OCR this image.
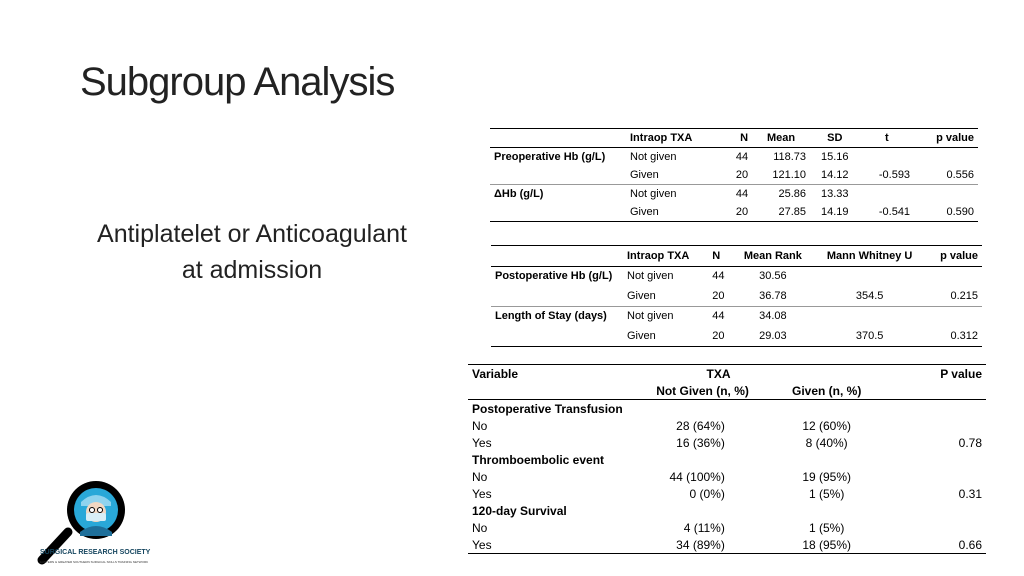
Subgroup Analysis
Antiplatelet or Anticoagulant
at admission
	Intraop TXA	N	Mean	SD	t	p value
Preoperative Hb (g/L)	Not given	44	118.73	15.16		
	Given	20	121.10	14.12	-0.593	0.556
ΔHb (g/L)	Not given	44	25.86	13.33		
	Given	20	27.85	14.19	-0.541	0.590
	Intraop TXA	N	Mean Rank	Mann Whitney U	p value
Postoperative Hb (g/L)	Not given	44	30.56		
	Given	20	36.78	354.5	0.215
Length of Stay (days)	Not given	44	34.08		
	Given	20	29.03	370.5	0.312
Variable	TXA		P value
	Not Given (n, %)	Given (n, %)	
Postoperative Transfusion			
No	28 (64%)	12 (60%)	
Yes	16 (36%)	8 (40%)	0.78
Thromboembolic event			
No	44 (100%)	19 (95%)	
Yes	0 (0%)	1 (5%)	0.31
120-day Survival			
No	4 (11%)	1 (5%)	
Yes	34 (89%)	18 (95%)	0.66
SURGICAL RESEARCH SOCIETY
EASTERN & GREATER SOUTHERN SURGICAL SKILLS TRAINING NETWORK
